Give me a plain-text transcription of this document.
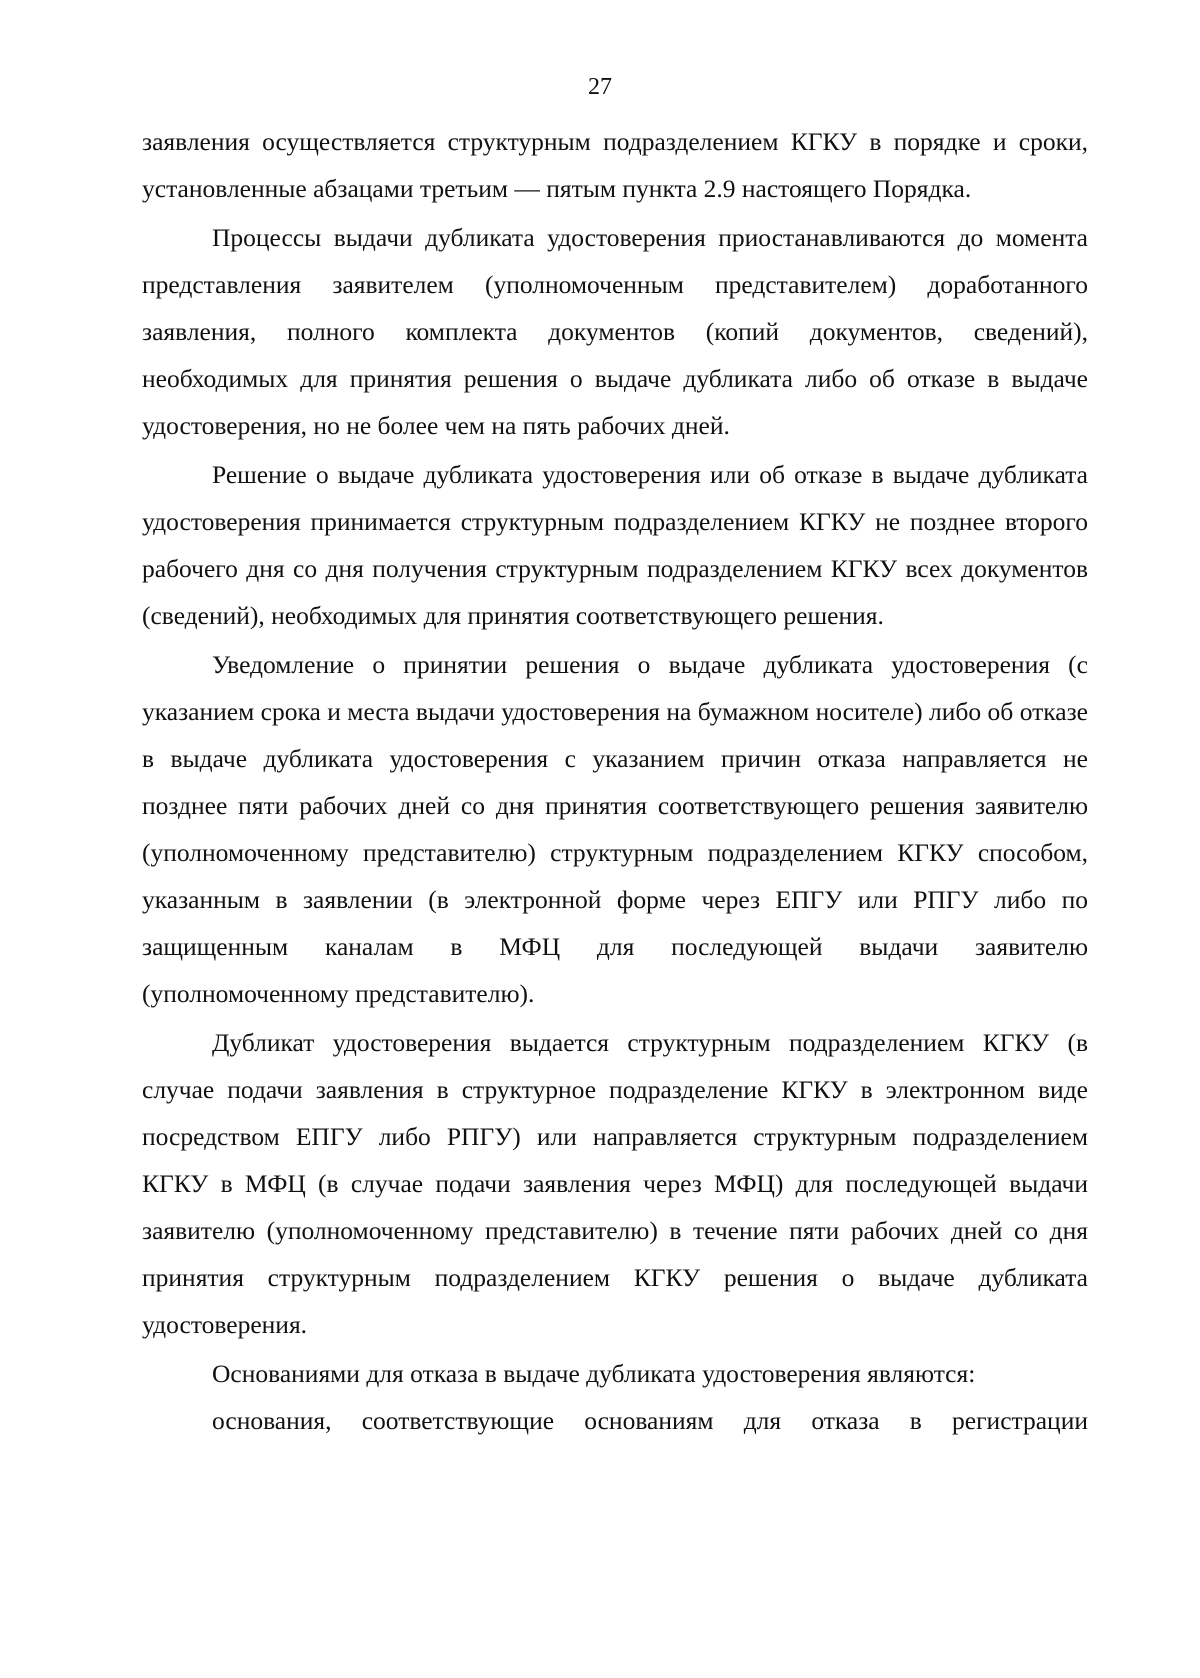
27

заявления осуществляется структурным подразделением КГКУ в порядке и сроки, установленные абзацами третьим — пятым пункта 2.9 настоящего Порядка.

Процессы выдачи дубликата удостоверения приостанавливаются до момента представления заявителем (уполномоченным представителем) доработанного заявления, полного комплекта документов (копий документов, сведений), необходимых для принятия решения о выдаче дубликата либо об отказе в выдаче удостоверения, но не более чем на пять рабочих дней.

Решение о выдаче дубликата удостоверения или об отказе в выдаче дубликата удостоверения принимается структурным подразделением КГКУ не позднее второго рабочего дня со дня получения структурным подразделением КГКУ всех документов (сведений), необходимых для принятия соответствующего решения.

Уведомление о принятии решения о выдаче дубликата удостоверения (с указанием срока и места выдачи удостоверения на бумажном носителе) либо об отказе в выдаче дубликата удостоверения с указанием причин отказа направляется не позднее пяти рабочих дней со дня принятия соответствующего решения заявителю (уполномоченному представителю) структурным подразделением КГКУ способом, указанным в заявлении (в электронной форме через ЕПГУ или РПГУ либо по защищенным каналам в МФЦ для последующей выдачи заявителю (уполномоченному представителю).

Дубликат удостоверения выдается структурным подразделением КГКУ (в случае подачи заявления в структурное подразделение КГКУ в электронном виде посредством ЕПГУ либо РПГУ) или направляется структурным подразделением КГКУ в МФЦ (в случае подачи заявления через МФЦ) для последующей выдачи заявителю (уполномоченному представителю) в течение пяти рабочих дней со дня принятия структурным подразделением КГКУ решения о выдаче дубликата удостоверения.

Основаниями для отказа в выдаче дубликата удостоверения являются:

основания, соответствующие основаниям для отказа в регистрации
